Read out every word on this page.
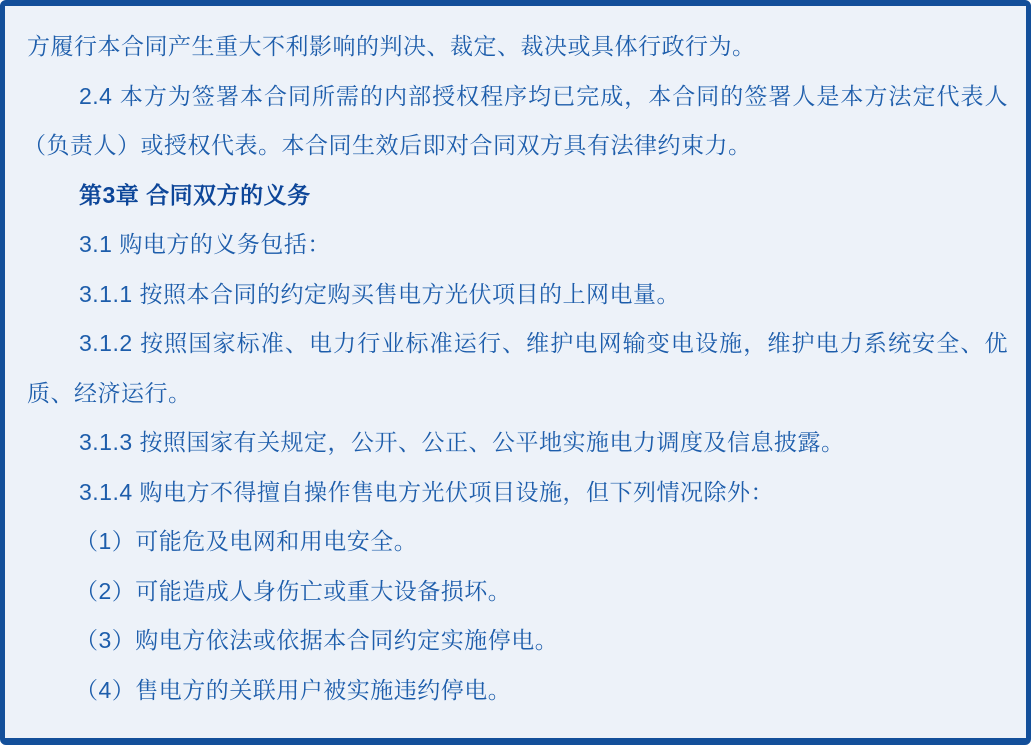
方履行本合同产生重大不利影响的判决、裁定、裁决或具体行政行为。
2.4 本方为签署本合同所需的内部授权程序均已完成，本合同的签署人是本方法定代表人
（负责人）或授权代表。本合同生效后即对合同双方具有法律约束力。
第3章 合同双方的义务
3.1 购电方的义务包括：
3.1.1 按照本合同的约定购买售电方光伏项目的上网电量。
3.1.2 按照国家标准、电力行业标准运行、维护电网输变电设施，维护电力系统安全、优
质、经济运行。
3.1.3 按照国家有关规定，公开、公正、公平地实施电力调度及信息披露。
3.1.4 购电方不得擅自操作售电方光伏项目设施，但下列情况除外：
（1）可能危及电网和用电安全。
（2）可能造成人身伤亡或重大设备损坏。
（3）购电方依法或依据本合同约定实施停电。
（4）售电方的关联用户被实施违约停电。
